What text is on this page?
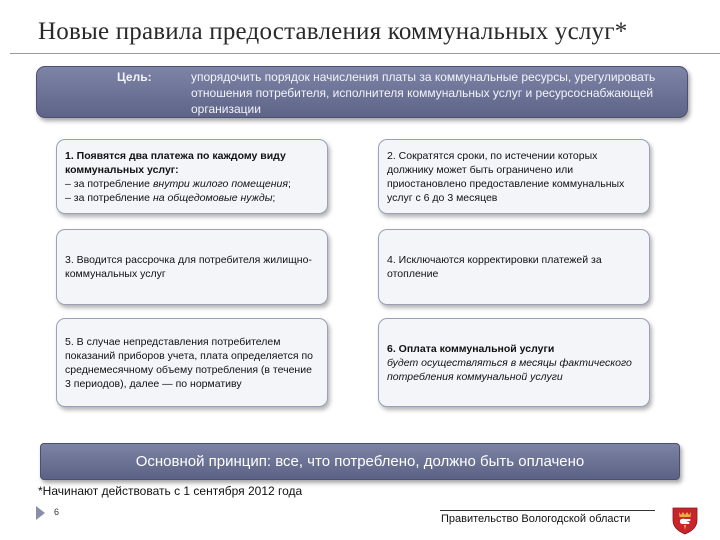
Новые правила предоставления коммунальных услуг*
Цель:	упорядочить порядок начисления платы за коммунальные ресурсы, урегулировать отношения потребителя, исполнителя коммунальных услуг и ресурсоснабжающей организации
1. Появятся два платежа по каждому виду коммунальных услуг:
– за потребление внутри жилого помещения;
– за потребление на общедомовые нужды;
2. Сократятся сроки, по истечении которых должнику может быть ограничено или приостановлено предоставление коммунальных услуг с 6 до 3 месяцев
3. Вводится рассрочка для потребителя жилищно-коммунальных услуг
4. Исключаются корректировки платежей за отопление
5. В случае непредставления потребителем показаний приборов учета, плата определяется по среднемесячному объему потребления (в течение 3 периодов), далее — по нормативу
6. Оплата коммунальной услуги
будет осуществляться в месяцы фактического потребления коммунальной услуги
Основной принцип : все, что потреблено, должно быть оплачено
*Начинают действовать с 1 сентября 2012 года
6
Правительство Вологодской области
